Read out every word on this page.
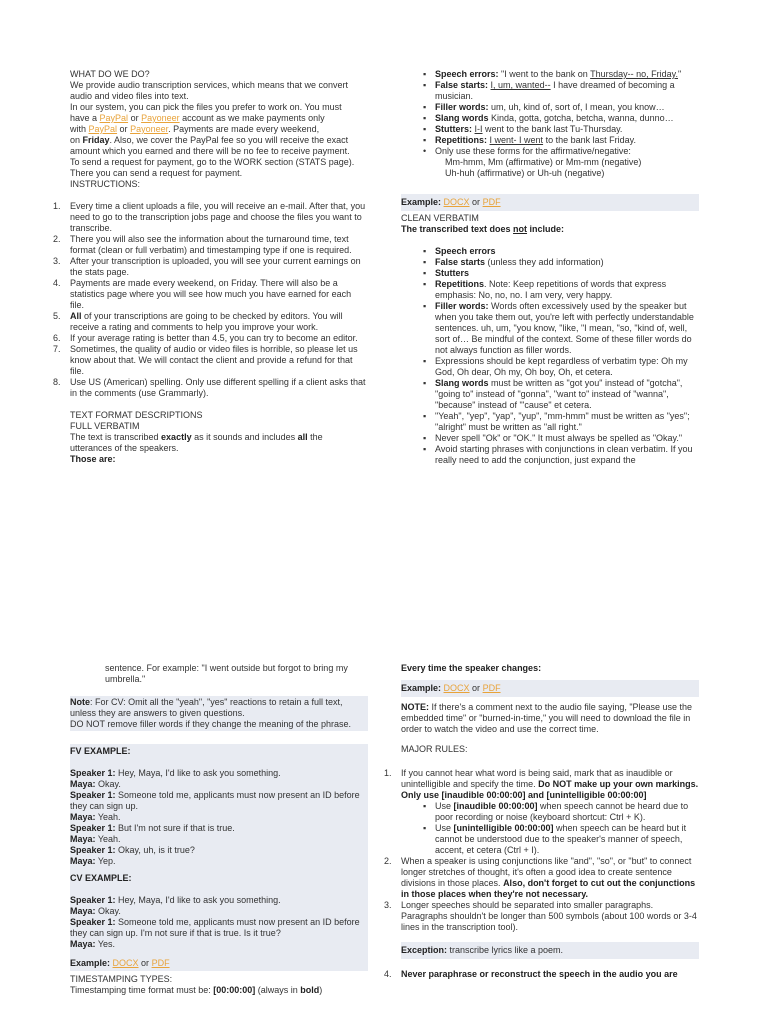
WHAT DO WE DO?

We provide audio transcription services, which means that we convert audio and video files into text.

In our system, you can pick the files you prefer to work on. You must

have a PayPal or Payoneer account as we make payments only

with PayPal or Payoneer. Payments are made every weekend,

on Friday. Also, we cover the PayPal fee so you will receive the exact amount which you earned and there will be no fee to receive payment.

To send a request for payment, go to the WORK section (STATS page). There you can send a request for payment.

INSTRUCTIONS:

1. Every time a client uploads a file, you will receive an e-mail. After that, you need to go to the transcription jobs page and choose the files you want to transcribe.
2. There you will also see the information about the turnaround time, text format (clean or full verbatim) and timestamping type if one is required.
3. After your transcription is uploaded, you will see your current earnings on the stats page.
4. Payments are made every weekend, on Friday. There will also be a statistics page where you will see how much you have earned for each file.
5. All of your transcriptions are going to be checked by editors. You will receive a rating and comments to help you improve your work.
6. If your average rating is better than 4.5, you can try to become an editor.
7. Sometimes, the quality of audio or video files is horrible, so please let us know about that. We will contact the client and provide a refund for that file.
8. Use US (American) spelling. Only use different spelling if a client asks that in the comments (use Grammarly).

TEXT FORMAT DESCRIPTIONS

FULL VERBATIM

The text is transcribed exactly as it sounds and includes all the utterances of the speakers.

Those are:

▪ Speech errors: "I went to the bank on Thursday-- no, Friday."
▪ False starts: I, um, wanted-- I have dreamed of becoming a musician.
▪ Filler words: um, uh, kind of, sort of, I mean, you know…
▪ Slang words Kinda, gotta, gotcha, betcha, wanna, dunno…
▪ Stutters: I-I went to the bank last Tu-Thursday.
▪ Repetitions: I went- I went to the bank last Friday.
• Only use these forms for the affirmative/negative:
Mm-hmm, Mm (affirmative) or Mm-mm (negative)
Uh-huh (affirmative) or Uh-uh (negative)
Example: DOCX or PDF

CLEAN VERBATIM

The transcribed text does not include:

▪ Speech errors
▪ False starts (unless they add information)
▪ Stutters
▪ Repetitions. Note: Keep repetitions of words that express emphasis: No, no, no. I am very, very happy.
▪ Filler words: Words often excessively used by the speaker but when you take them out, you're left with perfectly understandable sentences. uh, um, "you know, "like, "I mean, "so, "kind of, well, sort of… Be mindful of the context. Some of these filler words do not always function as filler words.
▪ Expressions should be kept regardless of verbatim type: Oh my God, Oh dear, Oh my, Oh boy, Oh, et cetera.
▪ Slang words must be written as "got you" instead of "gotcha", "going to" instead of "gonna", "want to" instead of "wanna", "because" instead of "'cause" et cetera.
▪ "Yeah", "yep", "yap", "yup", "mm-hmm" must be written as "yes"; "alright" must be written as "all right."
▪ Never spell "Ok" or "OK." It must always be spelled as "Okay."
▪ Avoid starting phrases with conjunctions in clean verbatim. If you really need to add the conjunction, just expand the

sentence. For example: "I went outside but forgot to bring my umbrella."

Note: For CV: Omit all the "yeah", "yes" reactions to retain a full text, unless they are answers to given questions.

DO NOT remove filler words if they change the meaning of the phrase.

FV EXAMPLE:

Speaker 1: Hey, Maya, I'd like to ask you something.

Maya: Okay.

Speaker 1: Someone told me, applicants must now present an ID before they can sign up.

Maya: Yeah.

Speaker 1: But I'm not sure if that is true.

Maya: Yeah.

Speaker 1: Okay, uh, is it true?

Maya: Yep.

CV EXAMPLE:

Speaker 1: Hey, Maya, I'd like to ask you something.

Maya: Okay.

Speaker 1: Someone told me, applicants must now present an ID before they can sign up. I'm not sure if that is true. Is it true?

Maya: Yes.

Example: DOCX or PDF

TIMESTAMPING TYPES:

Timestamping time format must be: [00:00:00] (always in bold)

Every time the speaker changes:

Example: DOCX or PDF

NOTE: If there's a comment next to the audio file saying, "Please use the embedded time" or "burned-in-time," you will need to download the file in order to watch the video and use the correct time.

MAJOR RULES:

1. If you cannot hear what word is being said, mark that as inaudible or unintelligible and specify the time. Do NOT make up your own markings. Only use [inaudible 00:00:00] and [unintelligible 00:00:00]
▪ Use [inaudible 00:00:00] when speech cannot be heard due to poor recording or noise (keyboard shortcut: Ctrl + K).
▪ Use [unintelligible 00:00:00] when speech can be heard but it cannot be understood due to the speaker's manner of speech, accent, et cetera (Ctrl + I).
2. When a speaker is using conjunctions like "and", "so", or "but" to connect longer stretches of thought, it's often a good idea to create sentence divisions in those places. Also, don't forget to cut out the conjunctions in those places when they're not necessary.
3. Longer speeches should be separated into smaller paragraphs. Paragraphs shouldn't be longer than 500 symbols (about 100 words or 3-4 lines in the transcription tool).
Exception: transcribe lyrics like a poem.
4. Never paraphrase or reconstruct the speech in the audio you are
